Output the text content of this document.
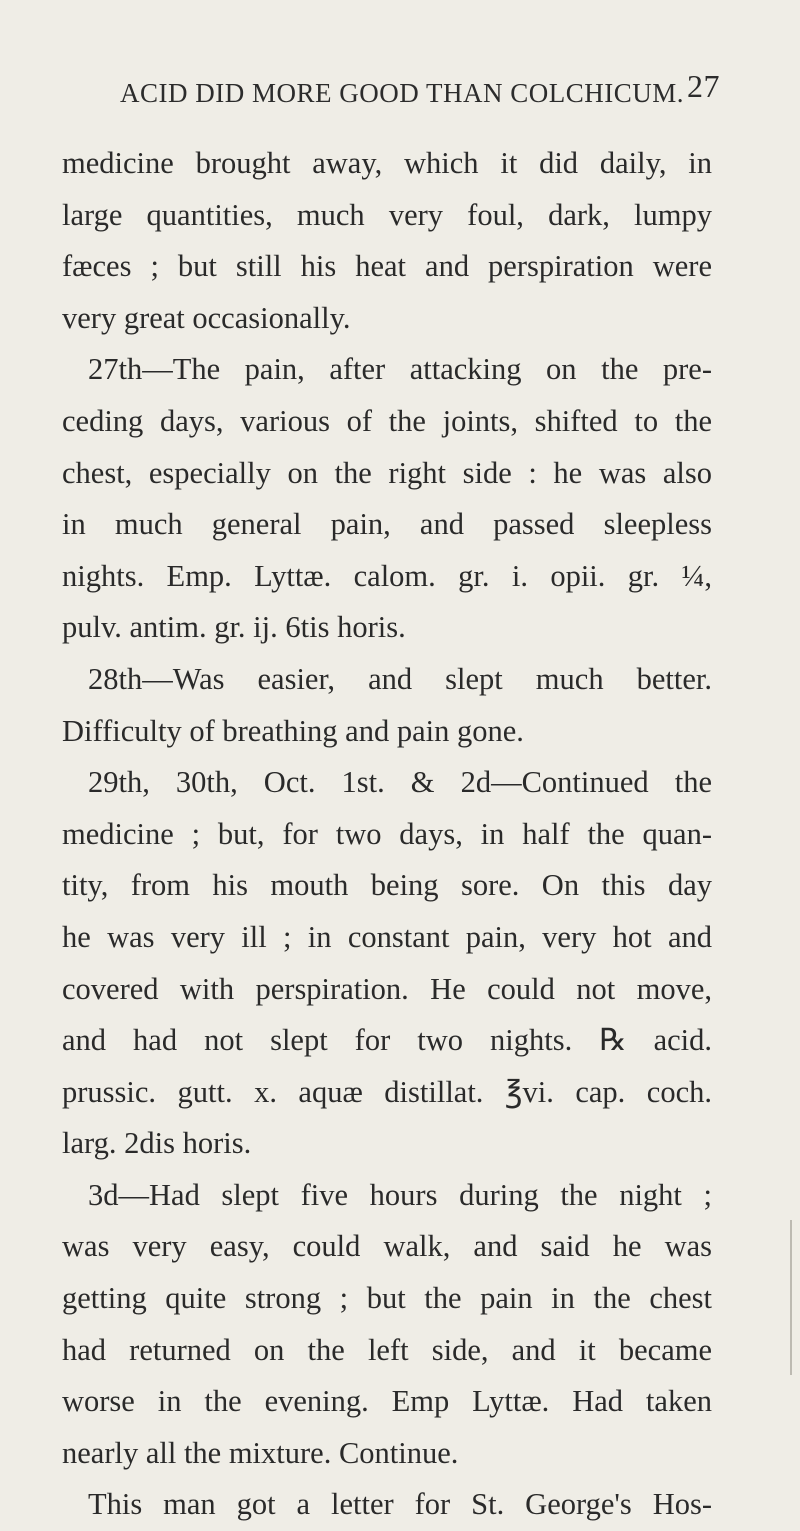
ACID DID MORE GOOD THAN COLCHICUM. 27
medicine brought away, which it did daily, in
large quantities, much very foul, dark, lumpy
fæces ; but still his heat and perspiration were
very great occasionally.
27th—The pain, after attacking on the pre-
ceding days, various of the joints, shifted to the
chest, especially on the right side : he was also
in much general pain, and passed sleepless
nights. Emp. Lyttæ. calom. gr. i. opii. gr. ¼,
pulv. antim. gr. ij. 6tis horis.
28th—Was easier, and slept much better.
Difficulty of breathing and pain gone.
29th, 30th, Oct. 1st. & 2d—Continued the
medicine ; but, for two days, in half the quan-
tity, from his mouth being sore. On this day
he was very ill ; in constant pain, very hot and
covered with perspiration. He could not move,
and had not slept for two nights. ℞ acid.
prussic. gutt. x. aquæ distillat. ℥vi. cap. coch.
larg. 2dis horis.
3d—Had slept five hours during the night ;
was very easy, could walk, and said he was
getting quite strong ; but the pain in the chest
had returned on the left side, and it became
worse in the evening. Emp Lyttæ. Had taken
nearly all the mixture. Continue.
This man got a letter for St. George's Hos-
